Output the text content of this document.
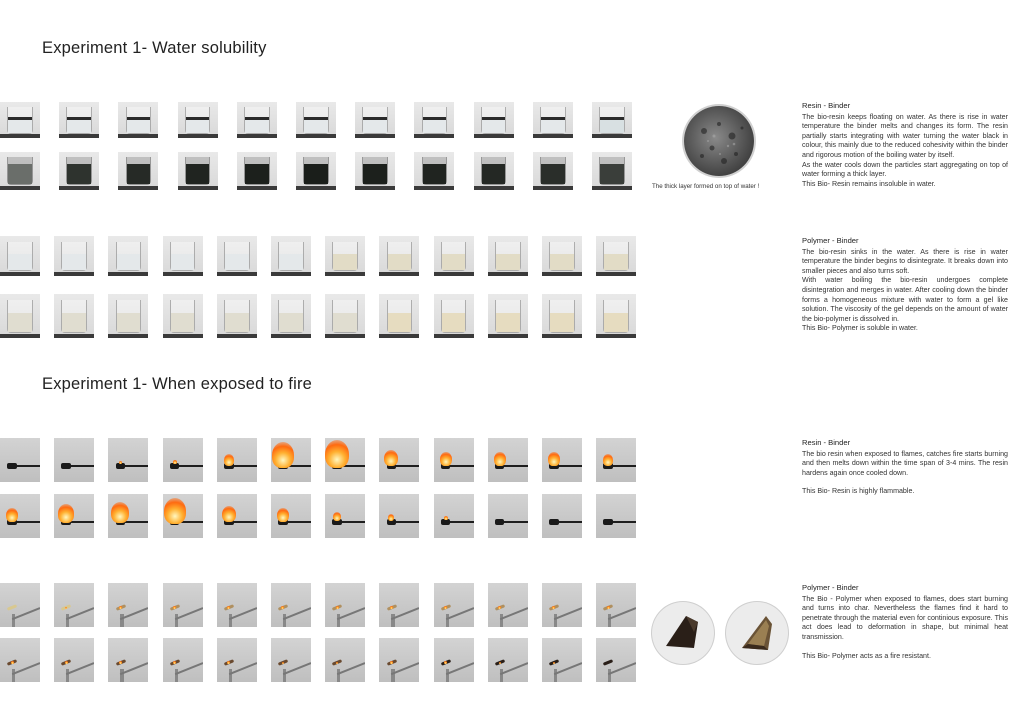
Experiment 1- Water solubility
Experiment 1- When exposed to fire
The thick layer formed on top of water !
Resin - Binder

The bio-resin keeps floating on water. As there is rise in water temperature the binder melts and changes its form. The resin partially starts integrating with water turning the water black in colour, this mainly due to the reduced cohesivity within the binder and rigorous motion of the boiling water by itself.

As the water cools down the particles start aggregating on top of water forming a thick layer.

This Bio- Resin remains insoluble in water.

Polymer - Binder

The bio-resin sinks in the water. As there is rise in water temperature the binder begins to disintegrate. It breaks down into smaller pieces and also turns soft.

With water boiling the bio-resin undergoes complete disintegration and merges in water. After cooling down the binder forms a homogeneous mixture with water to form a gel like solution. The viscosity of the gel depends on the amount of water the bio-polymer is dissolved in.

This Bio- Polymer is soluble in water.

Resin - Binder

The bio resin when exposed to flames, catches fire starts burning and then melts down within the time span of 3-4 mins. The resin hardens again once cooled down.

This Bio- Resin is highly flammable.

Polymer - Binder

The Bio - Polymer when exposed to flames, does start burning and turns into char. Nevertheless the flames find it hard to penetrate through the material even for continious exposure. This act does lead to deformation in shape, but minimal heat transmission.

This Bio- Polymer acts as a fire resistant.
